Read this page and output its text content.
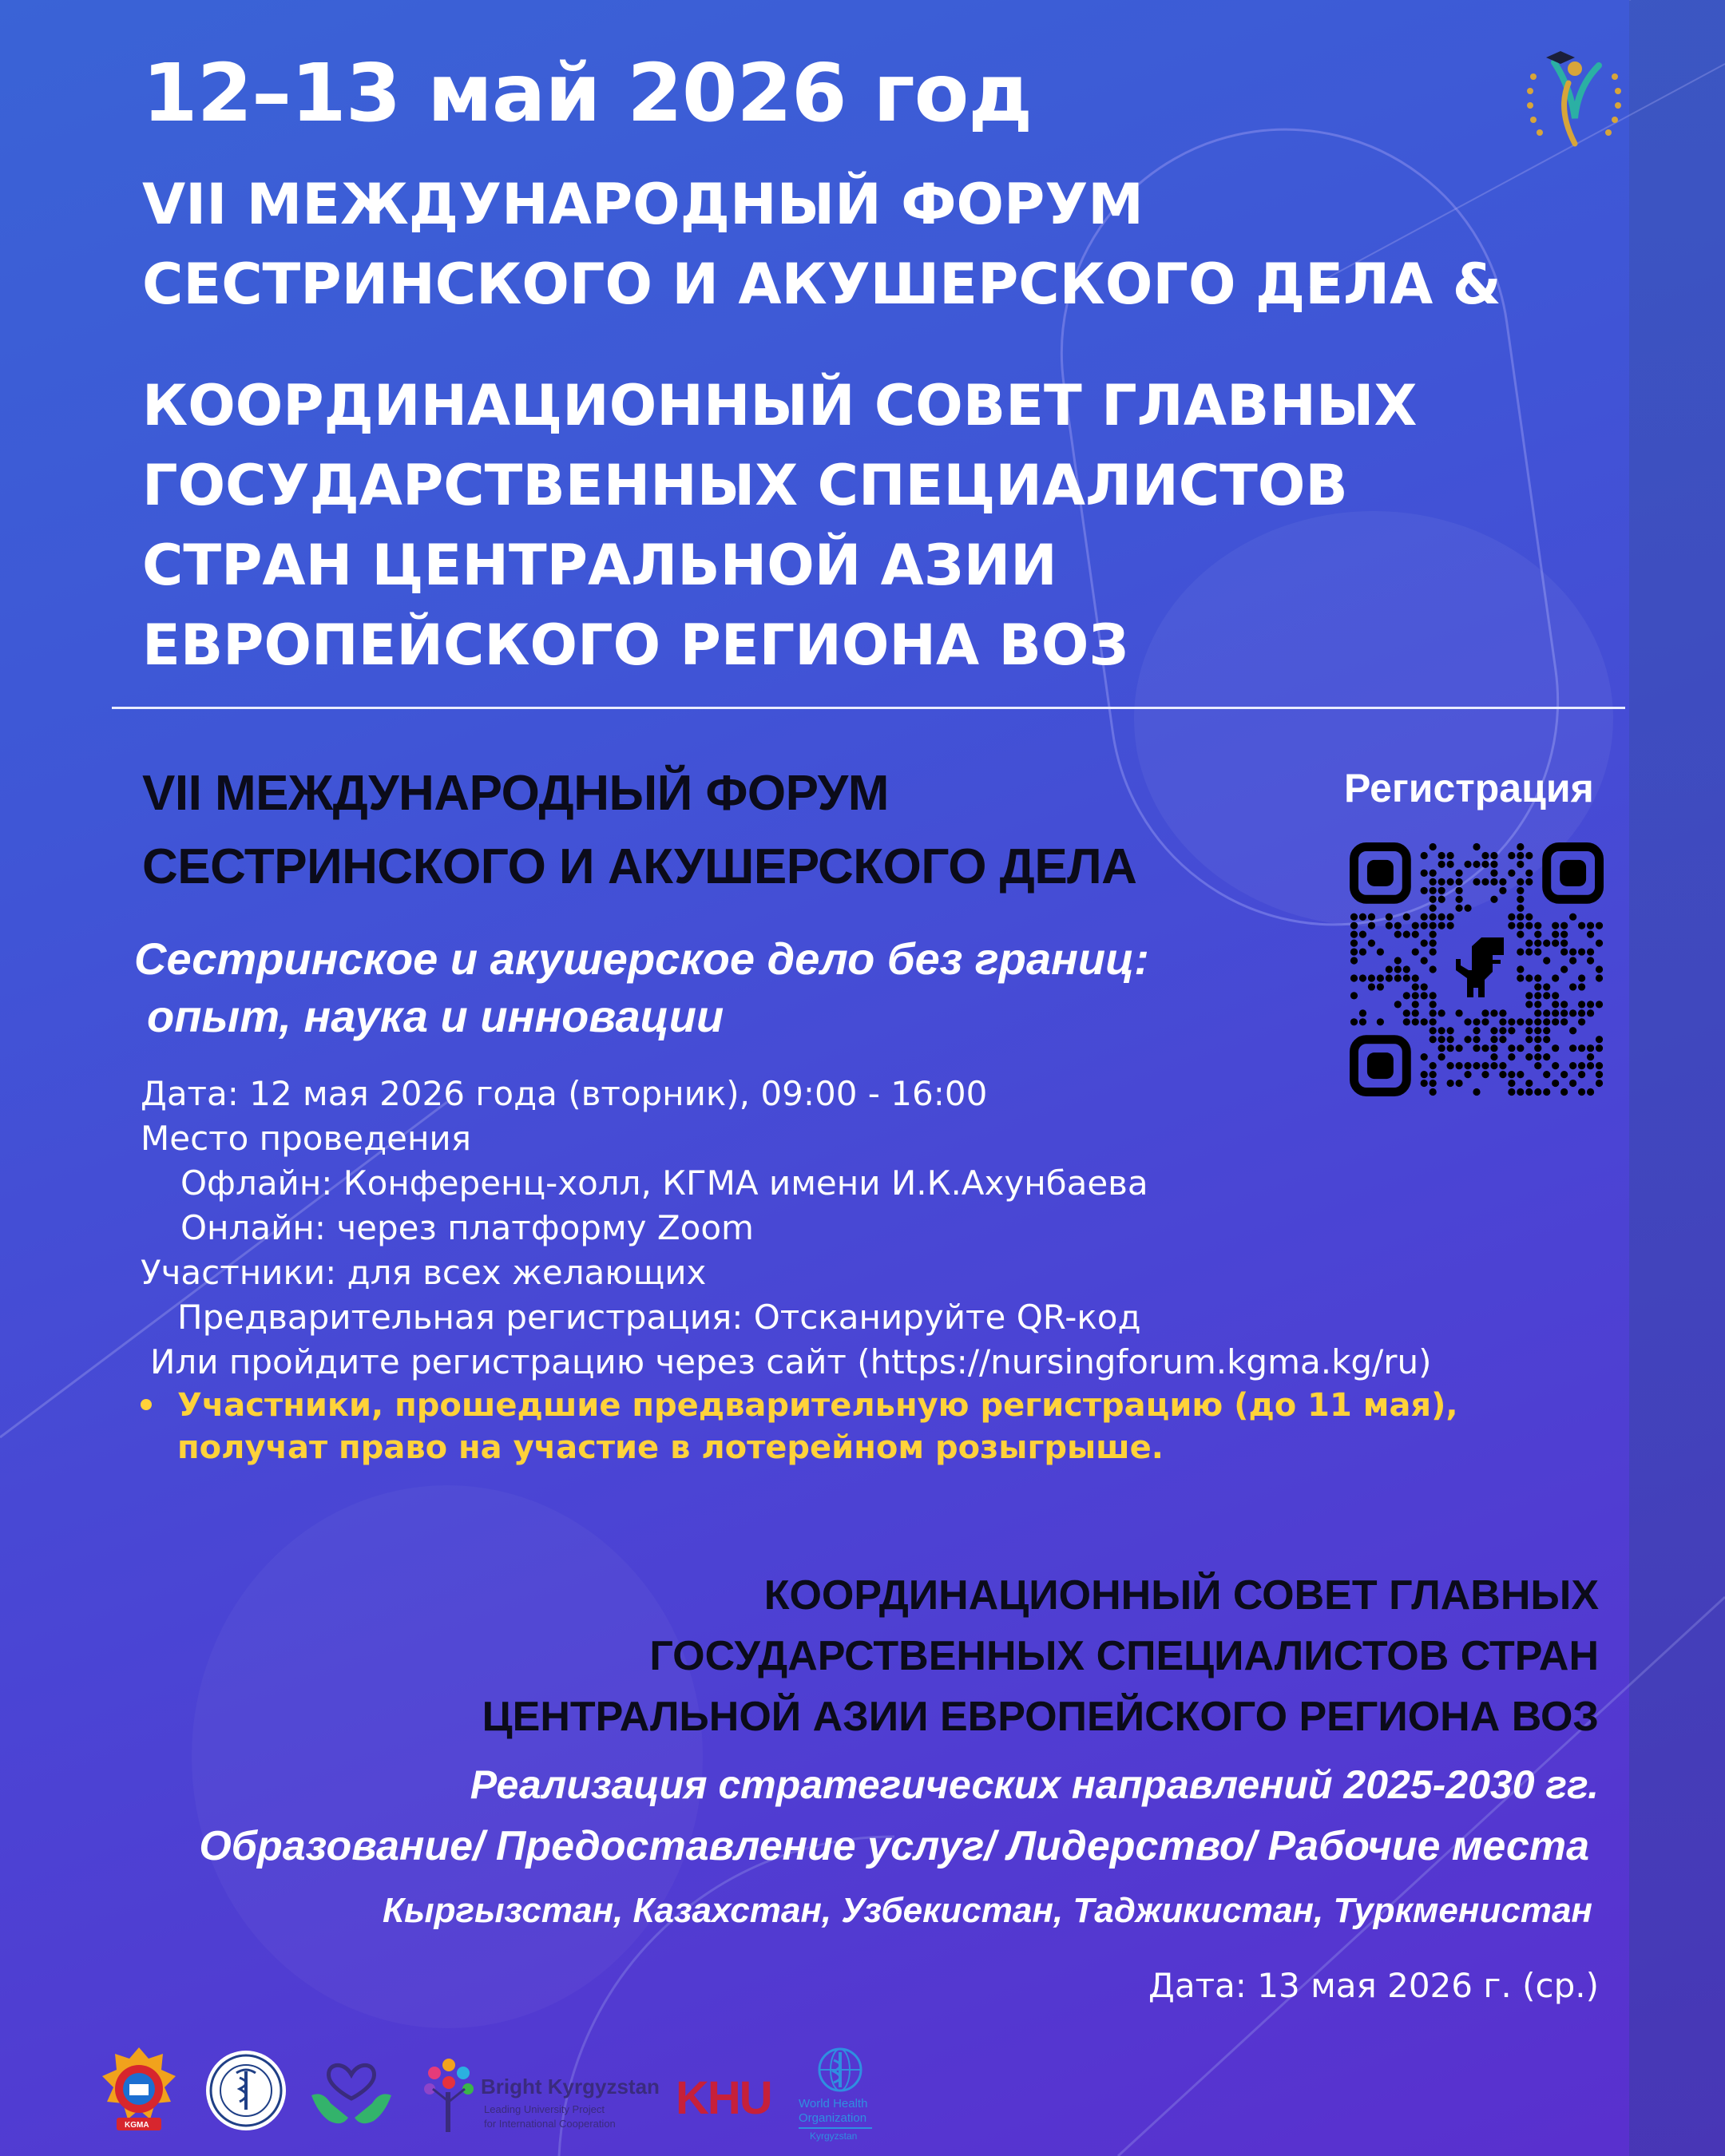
12–13 май 2026 год
VII МЕЖДУНАРОДНЫЙ ФОРУМ
СЕСТРИНСКОГО И АКУШЕРСКОГО ДЕЛА &
КООРДИНАЦИОННЫЙ СОВЕТ ГЛАВНЫХ
ГОСУДАРСТВЕННЫХ СПЕЦИАЛИСТОВ
СТРАН ЦЕНТРАЛЬНОЙ АЗИИ
ЕВРОПЕЙСКОГО РЕГИОНА ВОЗ
VII МЕЖДУНАРОДНЫЙ ФОРУМ
СЕСТРИНСКОГО И АКУШЕРСКОГО ДЕЛА
Сестринское и акушерское дело без границ:
опыт, наука и инновации
Дата: 12 мая 2026 года (вторник), 09:00 - 16:00
Место проведения
Офлайн: Конференц-холл, КГМА имени И.К.Ахунбаева
Онлайн: через платформу Zoom
Участники: для всех желающих
Предварительная регистрация: Отсканируйте QR-код
Или пройдите регистрацию через сайт (https://nursingforum.kgma.kg/ru)
Участники, прошедшие предварительную регистрацию (до 11 мая),
получат право на участие в лотерейном розыгрыше.
Регистрация
КООРДИНАЦИОННЫЙ СОВЕТ ГЛАВНЫХ
ГОСУДАРСТВЕННЫХ СПЕЦИАЛИСТОВ СТРАН
ЦЕНТРАЛЬНОЙ АЗИИ ЕВРОПЕЙСКОГО РЕГИОНА ВОЗ
Реализация стратегических направлений 2025-2030 гг.
Образование/ Предоставление услуг/ Лидерство/ Рабочие места
Кыргызстан, Казахстан, Узбекистан, Таджикистан, Туркменистан
Дата: 13 мая 2026 г. (ср.)
KGMA
Bright Kyrgyzstan
Leading University Project
for International Cooperation KHU World Health
Organization
Kyrgyzstan
